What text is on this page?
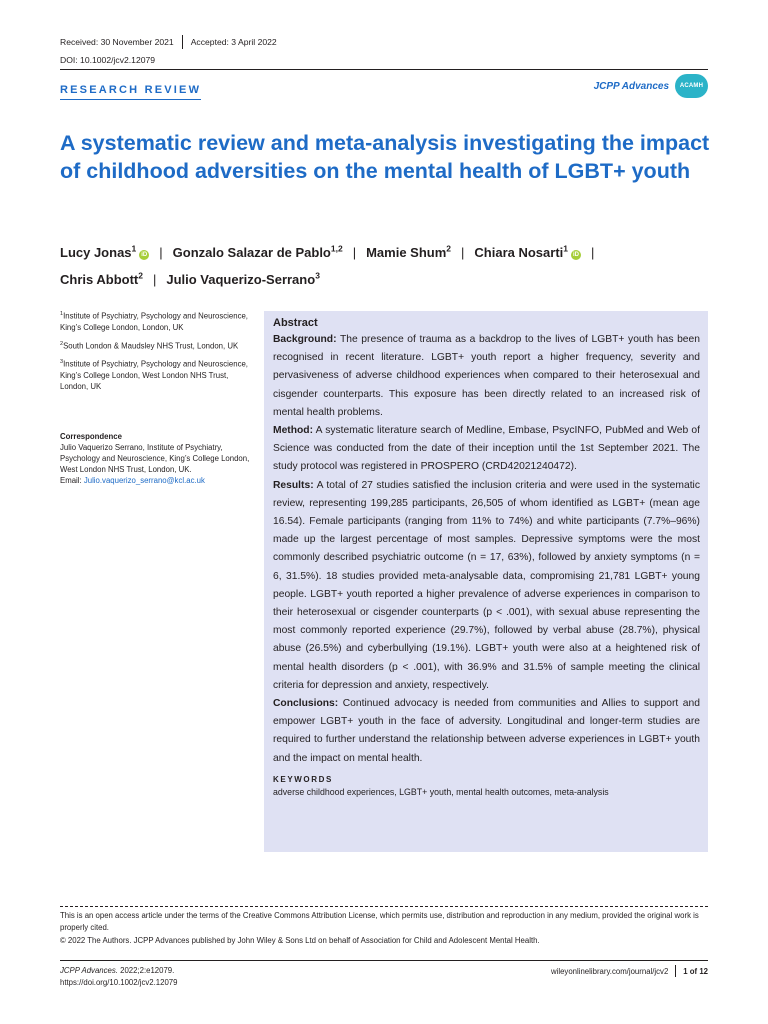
Received: 30 November 2021 Accepted: 3 April 2022
DOI: 10.1002/jcv2.12079
RESEARCH REVIEW	JCPP Advances	ACAMH
A systematic review and meta-analysis investigating the impact of childhood adversities on the mental health of LGBT+ youth
Lucy Jonas$^1$iD | Gonzalo Salazar de Pablo$^{1,2}$ | Mamie Shum$^2$ | Chiara Nosarti$^1$iD |
Chris Abbott$^2$ | Julio Vaquerizo-Serrano$^3$

$^1$Institute of Psychiatry, Psychology and Neuroscience, King’s College London, London, UK

$^2$South London & Maudsley NHS Trust, London, UK

$^3$Institute of Psychiatry, Psychology and Neuroscience, King’s College London, West London NHS Trust, London, UK

Correspondence
Julio Vaquerizo Serrano, Institute of Psychiatry, Psychology and Neuroscience, King’s College London, West London NHS Trust, London, UK.
Email: Julio.vaquerizo_serrano@kcl.ac.uk
Abstract

Background: The presence of trauma as a backdrop to the lives of LGBT+ youth has been recognised in recent literature. LGBT+ youth report a higher frequency, severity and pervasiveness of adverse childhood experiences when compared to their heterosexual and cisgender counterparts. This exposure has been directly related to an increased risk of mental health problems.

Method: A systematic literature search of Medline, Embase, PsycINFO, PubMed and Web of Science was conducted from the date of their inception until the 1st September 2021. The study protocol was registered in PROSPERO (CRD42021240472).

Results: A total of 27 studies satisfied the inclusion criteria and were used in the systematic review, representing 199,285 participants, 26,505 of whom identified as LGBT+ (mean age 16.54). Female participants (ranging from 11% to 74%) and white participants (7.7%–96%) made up the largest percentage of most samples. Depressive symptoms were the most commonly described psychiatric outcome (n = 17, 63%), followed by anxiety symptoms (n = 6, 31.5%). 18 studies provided meta-analysable data, compromising 21,781 LGBT+ young people. LGBT+ youth reported a higher prevalence of adverse experiences in comparison to their heterosexual or cisgender counterparts (p < .001), with sexual abuse representing the most commonly reported experience (29.7%), followed by verbal abuse (28.7%), physical abuse (26.5%) and cyberbullying (19.1%). LGBT+ youth were also at a heightened risk of mental health disorders (p < .001), with 36.9% and 31.5% of sample meeting the clinical criteria for depression and anxiety, respectively.

Conclusions: Continued advocacy is needed from communities and Allies to support and empower LGBT+ youth in the face of adversity. Longitudinal and longer-term studies are required to further understand the relationship between adverse experiences in LGBT+ youth and the impact on mental health.

KEYWORDS
adverse childhood experiences, LGBT+ youth, mental health outcomes, meta-analysis
This is an open access article under the terms of the Creative Commons Attribution License, which permits use, distribution and reproduction in any medium, provided the original work is properly cited.
© 2022 The Authors. JCPP Advances published by John Wiley & Sons Ltd on behalf of Association for Child and Adolescent Mental Health.
JCPP Advances. 2022;2:e12079.
https://doi.org/10.1002/jcv2.12079
wileyonlinelibrary.com/journal/jcv2 1 of 12
